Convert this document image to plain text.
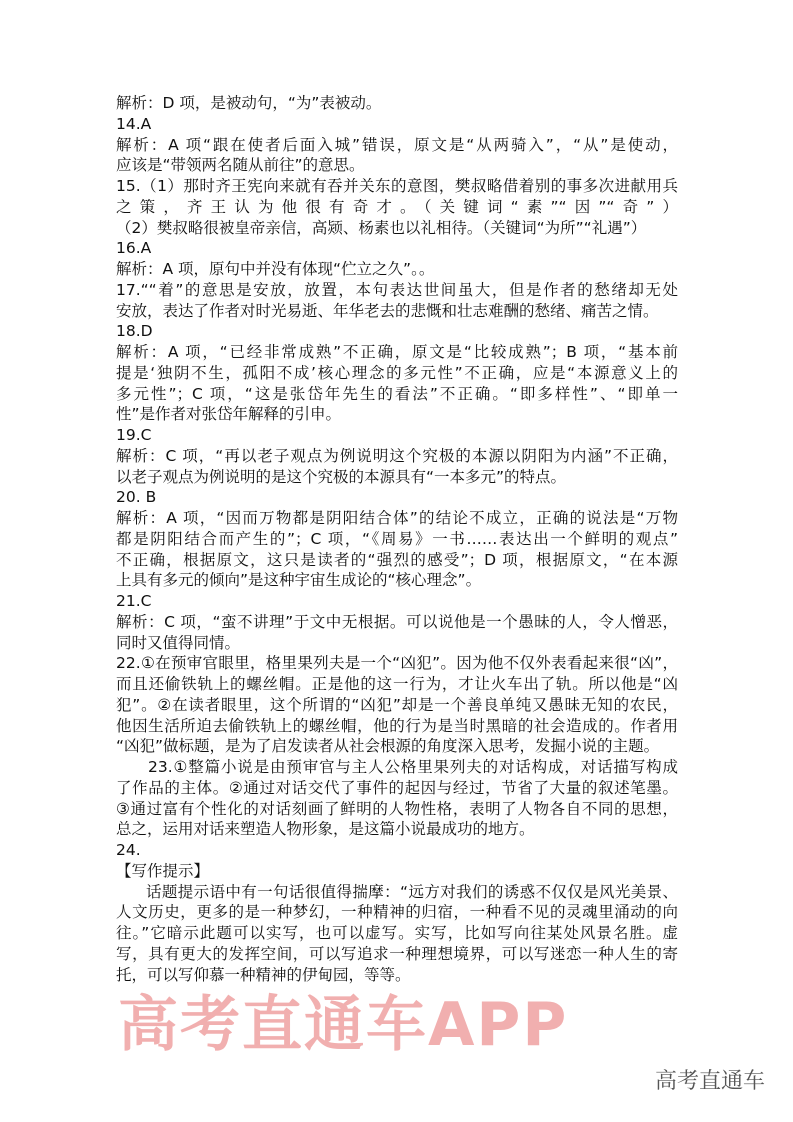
解析：D 项，是被动句，“为”表被动。
14.A
解析：A 项“跟在使者后面入城”错误，原文是“从两骑入”，“从”是使动，
应该是“带领两名随从前往”的意思。
15.（1）那时齐王宪向来就有吞并关东的意图，樊叔略借着别的事多次进献用兵
之策，齐王认为他很有奇才。（关键词“素”“因”“奇”）
（2）樊叔略很被皇帝亲信，高颎、杨素也以礼相待。（关键词“为所”“礼遇”）
16.A
解析：A 项，原句中并没有体现“伫立之久”。。
17.““着”的意思是安放，放置，本句表达世间虽大，但是作者的愁绪却无处
安放，表达了作者对时光易逝、年华老去的悲慨和壮志难酬的愁绪、痛苦之情。
18.D
解析：A 项，“已经非常成熟”不正确，原文是“比较成熟”；B 项，“基本前
提是‘独阴不生，孤阳不成’核心理念的多元性”不正确，应是“本源意义上的
多元性”；C 项，“这是张岱年先生的看法”不正确。“即多样性”、“即单一
性”是作者对张岱年解释的引申。
19.C
解析：C 项，“再以老子观点为例说明这个究极的本源以阴阳为内涵”不正确，
以老子观点为例说明的是这个究极的本源具有“一本多元”的特点。
20. B
解析：A 项，“因而万物都是阴阳结合体”的结论不成立，正确的说法是“万物
都是阴阳结合而产生的”；C 项，“《周易》一书……表达出一个鲜明的观点”
不正确，根据原文，这只是读者的“强烈的感受”；D 项，根据原文，“在本源
上具有多元的倾向”是这种宇宙生成论的“核心理念”。
21.C
解析：C 项，“蛮不讲理”于文中无根据。可以说他是一个愚昧的人，令人憎恶，
同时又值得同情。
22.①在预审官眼里，格里果列夫是一个“凶犯”。因为他不仅外表看起来很“凶”，
而且还偷铁轨上的螺丝帽。正是他的这一行为，才让火车出了轨。所以他是“凶
犯”。②在读者眼里，这个所谓的“凶犯”却是一个善良单纯又愚昧无知的农民，
他因生活所迫去偷铁轨上的螺丝帽，他的行为是当时黑暗的社会造成的。作者用
“凶犯”做标题，是为了启发读者从社会根源的角度深入思考，发掘小说的主题。
23.①整篇小说是由预审官与主人公格里果列夫的对话构成，对话描写构成
了作品的主体。②通过对话交代了事件的起因与经过，节省了大量的叙述笔墨。
③通过富有个性化的对话刻画了鲜明的人物性格，表明了人物各自不同的思想，
总之，运用对话来塑造人物形象，是这篇小说最成功的地方。
24.
【写作提示】
话题提示语中有一句话很值得揣摩：“远方对我们的诱惑不仅仅是风光美景、
人文历史，更多的是一种梦幻，一种精神的归宿，一种看不见的灵魂里涌动的向
往。”它暗示此题可以实写，也可以虚写。实写，比如写向往某处风景名胜。虚
写，具有更大的发挥空间，可以写追求一种理想境界，可以写迷恋一种人生的寄
托，可以写仰慕一种精神的伊甸园，等等。
高考直通车APP
高考直通车
